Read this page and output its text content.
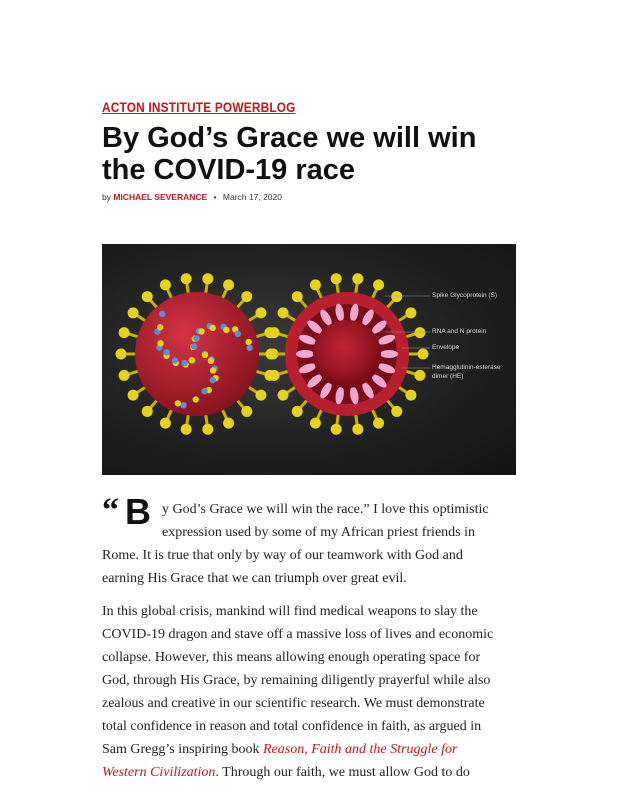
ACTON INSTITUTE POWERBLOG
By God’s Grace we will win
the COVID-19 race
by MICHAEL SEVERANCE • March 17, 2020
Spike Glycoprotein (S)
RNA and N protein
Envelope
Hemagglutinin-esterase
dimer (HE)
“ B y God’s Grace we will win the race.” I love this optimistic
expression used by some of my African priest friends in
Rome. It is true that only by way of our teamwork with God and
earning His Grace that we can triumph over great evil.
In this global crisis, mankind will find medical weapons to slay the
COVID-19 dragon and stave off a massive loss of lives and economic
collapse. However, this means allowing enough operating space for
God, through His Grace, by remaining diligently prayerful while also
zealous and creative in our scientific research. We must demonstrate
total confidence in reason and total confidence in faith, as argued in
Sam Gregg’s inspiring book Reason, Faith and the Struggle for
Western Civilization. Through our faith, we must allow God to do
